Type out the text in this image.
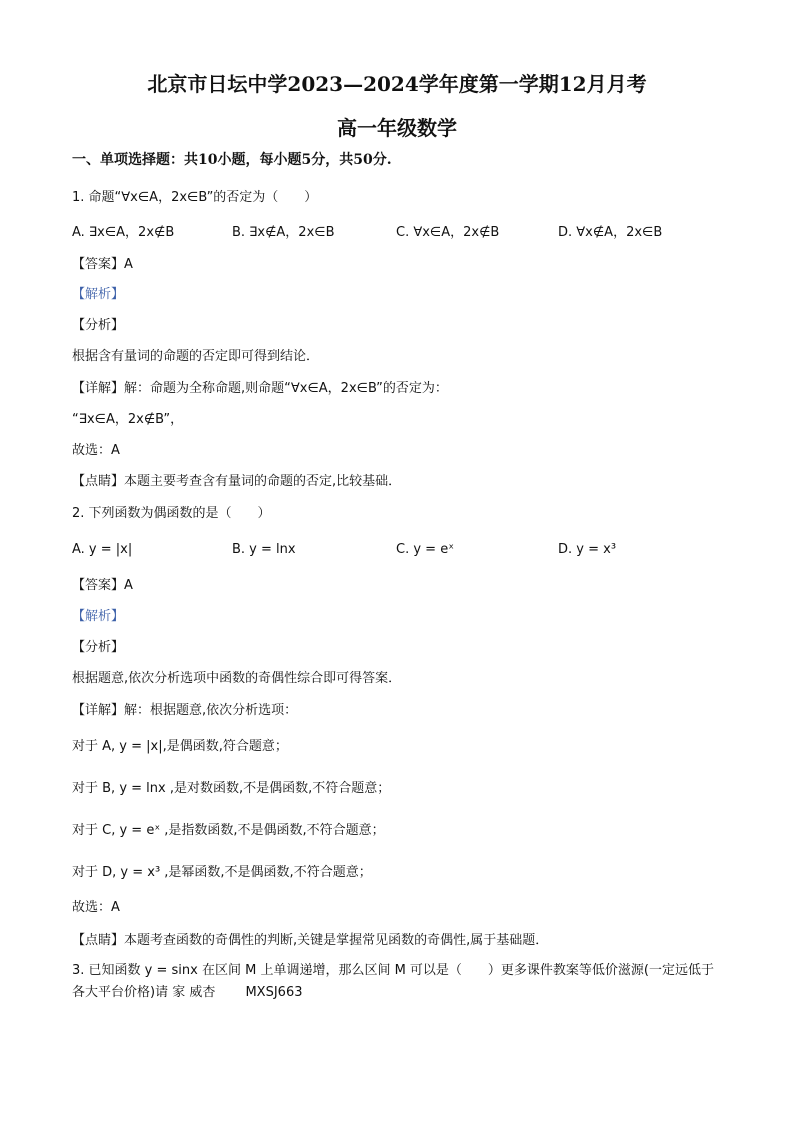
北京市日坛中学2023—2024学年度第一学期12月月考
高一年级数学
一、单项选择题：共10小题，每小题5分，共50分.
1. 命题“∀x∈A，2x∈B”的否定为（　　）
A. ∃x∈A，2x∉B	B. ∃x∉A，2x∈B	C. ∀x∈A，2x∉B	D. ∀x∉A，2x∈B
【答案】A
【解析】
【分析】
根据含有量词的命题的否定即可得到结论．
【详解】解：命题为全称命题,则命题“∀x∈A，2x∈B”的否定为：
“∃x∈A，2x∉B”，
故选：A
【点睛】本题主要考查含有量词的命题的否定,比较基础．
2. 下列函数为偶函数的是（　　）
A. y = |x|	B. y = lnx	C. y = eˣ	D. y = x³
【答案】A
【解析】
【分析】
根据题意,依次分析选项中函数的奇偶性综合即可得答案．
【详解】解：根据题意,依次分析选项：
对于 A, y = |x|,是偶函数,符合题意；
对于 B, y = lnx ,是对数函数,不是偶函数,不符合题意；
对于 C, y = eˣ ,是指数函数,不是偶函数,不符合题意；
对于 D, y = x³ ,是幂函数,不是偶函数,不符合题意；
故选：A
【点睛】本题考查函数的奇偶性的判断,关键是掌握常见函数的奇偶性,属于基础题．
3. 已知函数 y = sinx 在区间 M 上单调递增，那么区间 M 可以是（　　）更多课件教案等低价滋源(一定远低于各大平台价格)请 家 威杏　　 MXSJ663
